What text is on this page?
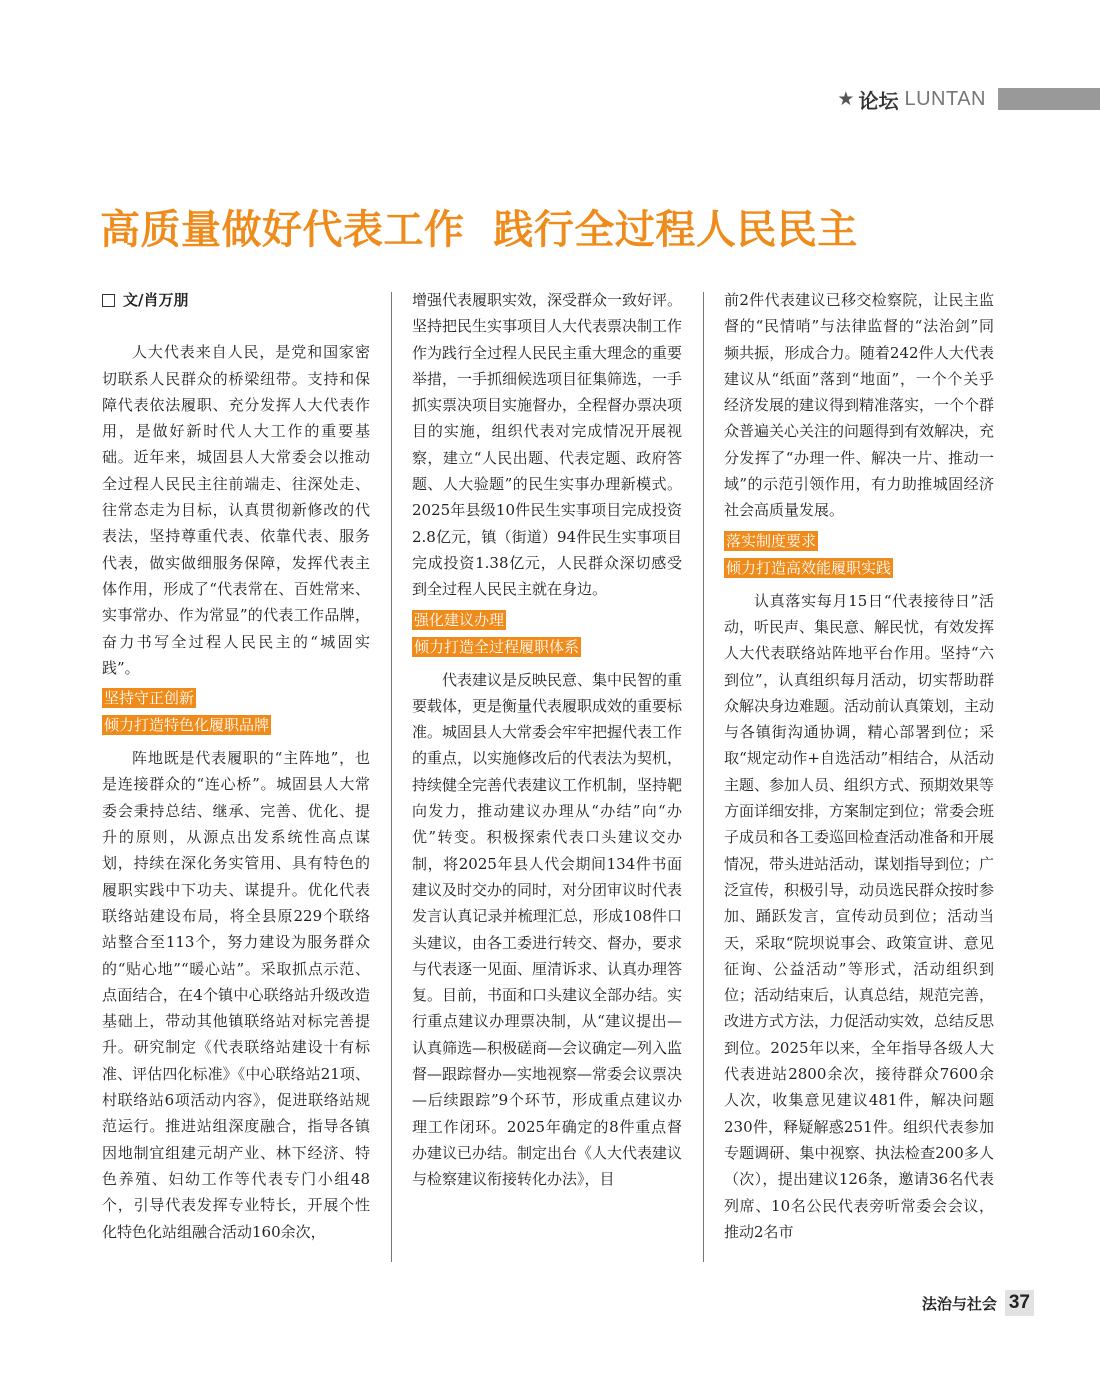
★ 论坛 LUNTAN
高质量做好代表工作  践行全过程人民民主
文/肖万朋

人大代表来自人民，是党和国家密切联系人民群众的桥梁纽带。支持和保障代表依法履职、充分发挥人大代表作用，是做好新时代人大工作的重要基础。近年来，城固县人大常委会以推动全过程人民民主往前端走、往深处走、往常态走为目标，认真贯彻新修改的代表法，坚持尊重代表、依靠代表、服务代表，做实做细服务保障，发挥代表主体作用，形成了“代表常在、百姓常来、实事常办、作为常显”的代表工作品牌，奋力书写全过程人民民主的“城固实践”。

坚持守正创新
倾力打造特色化履职品牌

阵地既是代表履职的“主阵地”，也是连接群众的“连心桥”。城固县人大常委会秉持总结、继承、完善、优化、提升的原则，从源点出发系统性高点谋划，持续在深化务实管用、具有特色的履职实践中下功夫、谋提升。优化代表联络站建设布局，将全县原229个联络站整合至113个，努力建设为服务群众的“贴心地”“暖心站”。采取抓点示范、点面结合，在4个镇中心联络站升级改造基础上，带动其他镇联络站对标完善提升。研究制定《代表联络站建设十有标准、评估四化标准》《中心联络站21项、村联络站6项活动内容》，促进联络站规范运行。推进站组深度融合，指导各镇因地制宜组建元胡产业、林下经济、特色养殖、妇幼工作等代表专门小组48个，引导代表发挥专业特长，开展个性化特色化站组融合活动160余次，

增强代表履职实效，深受群众一致好评。坚持把民生实事项目人大代表票决制工作作为践行全过程人民民主重大理念的重要举措，一手抓细候选项目征集筛选，一手抓实票决项目实施督办，全程督办票决项目的实施，组织代表对完成情况开展视察，建立“人民出题、代表定题、政府答题、人大验题”的民生实事办理新模式。2025年县级10件民生实事项目完成投资2.8亿元，镇（街道）94件民生实事项目完成投资1.38亿元，人民群众深切感受到全过程人民民主就在身边。

强化建议办理
倾力打造全过程履职体系

代表建议是反映民意、集中民智的重要载体，更是衡量代表履职成效的重要标准。城固县人大常委会牢牢把握代表工作的重点，以实施修改后的代表法为契机，持续健全完善代表建议工作机制，坚持靶向发力，推动建议办理从“办结”向“办优”转变。积极探索代表口头建议交办制，将2025年县人代会期间134件书面建议及时交办的同时，对分团审议时代表发言认真记录并梳理汇总，形成108件口头建议，由各工委进行转交、督办，要求与代表逐一见面、厘清诉求、认真办理答复。目前，书面和口头建议全部办结。实行重点建议办理票决制，从“建议提出—认真筛选—积极磋商—会议确定—列入监督—跟踪督办—实地视察—常委会议票决—后续跟踪”9个环节，形成重点建议办理工作闭环。2025年确定的8件重点督办建议已办结。制定出台《人大代表建议与检察建议衔接转化办法》，目

前2件代表建议已移交检察院，让民主监督的“民情哨”与法律监督的“法治剑”同频共振，形成合力。随着242件人大代表建议从“纸面”落到“地面”，一个个关乎经济发展的建议得到精准落实，一个个群众普遍关心关注的问题得到有效解决，充分发挥了“办理一件、解决一片、推动一域”的示范引领作用，有力助推城固经济社会高质量发展。

落实制度要求
倾力打造高效能履职实践

认真落实每月15日“代表接待日”活动，听民声、集民意、解民忧，有效发挥人大代表联络站阵地平台作用。坚持“六到位”，认真组织每月活动，切实帮助群众解决身边难题。活动前认真策划，主动与各镇街沟通协调，精心部署到位；采取“规定动作+自选活动”相结合，从活动主题、参加人员、组织方式、预期效果等方面详细安排，方案制定到位；常委会班子成员和各工委巡回检查活动准备和开展情况，带头进站活动，谋划指导到位；广泛宣传，积极引导，动员选民群众按时参加、踊跃发言，宣传动员到位；活动当天，采取“院坝说事会、政策宣讲、意见征询、公益活动”等形式，活动组织到位；活动结束后，认真总结，规范完善，改进方式方法，力促活动实效，总结反思到位。2025年以来，全年指导各级人大代表进站2800余次，接待群众7600余人次，收集意见建议481件，解决问题230件，释疑解惑251件。组织代表参加专题调研、集中视察、执法检查200多人（次），提出建议126条，邀请36名代表列席、10名公民代表旁听常委会会议，推动2名市

法治与社会 37
